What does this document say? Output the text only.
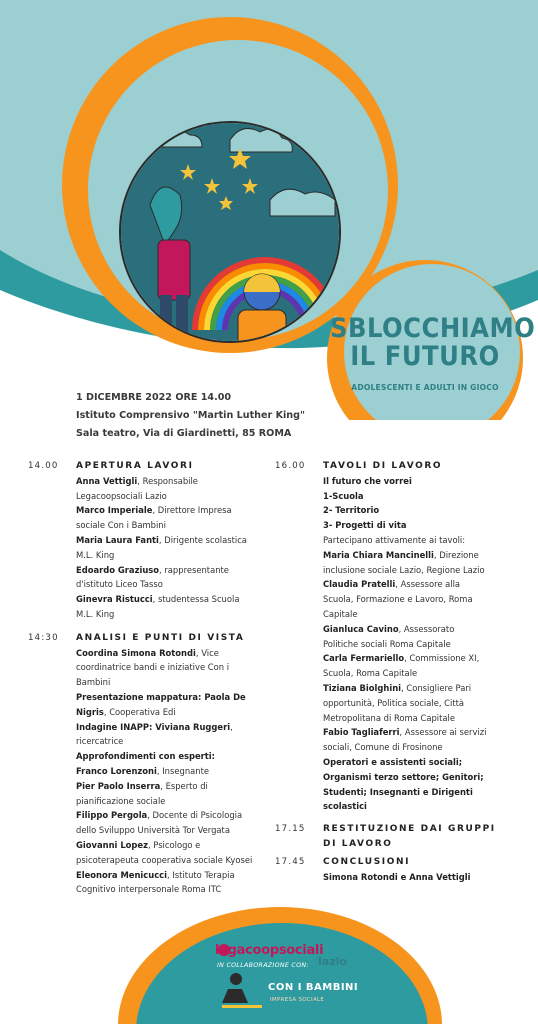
SBLOCCHIAMO
IL FUTURO
ADOLESCENTI E ADULTI IN GIOCO
1 DICEMBRE 2022 ORE 14.00
Istituto Comprensivo "Martin Luther King"
Sala teatro, Via di Giardinetti, 85 ROMA
14.00 APERTURA LAVORI
Anna Vettigli, Responsabile
Legacoopsociali Lazio
Marco Imperiale, Direttore Impresa
sociale Con i Bambini
Maria Laura Fanti, Dirigente scolastica
M.L. King
Edoardo Graziuso, rappresentante
d'istituto Liceo Tasso
Ginevra Ristucci, studentessa Scuola
M.L. King
14:30 ANALISI E PUNTI DI VISTA
Coordina Simona Rotondi, Vice
coordinatrice bandi e iniziative Con i
Bambini
Presentazione mappatura: Paola De
Nigris, Cooperativa Edi
Indagine INAPP: Viviana Ruggeri,
ricercatrice
Approfondimenti con esperti:
Franco Lorenzoni, Insegnante
Pier Paolo Inserra, Esperto di
pianificazione sociale
Filippo Pergola, Docente di Psicologia
dello Sviluppo Università Tor Vergata
Giovanni Lopez, Psicologo e
psicoterapeuta cooperativa sociale Kyosei
Eleonora Menicucci, Istituto Terapia
Cognitivo interpersonale Roma ITC
16.00 TAVOLI DI LAVORO
Il futuro che vorrei
1-Scuola
2- Territorio
3- Progetti di vita
Partecipano attivamente ai tavoli:
Maria Chiara Mancinelli, Direzione
inclusione sociale Lazio, Regione Lazio
Claudia Pratelli, Assessore alla
Scuola, Formazione e Lavoro, Roma
Capitale
Gianluca Cavino, Assessorato
Politiche sociali Roma Capitale
Carla Fermariello, Commissione XI,
Scuola, Roma Capitale
Tiziana Biolghini, Consigliere Pari
opportunità, Politica sociale, Città
Metropolitana di Roma Capitale
Fabio Tagliaferri, Assessore ai servizi
sociali, Comune di Frosinone
Operatori e assistenti sociali;
Organismi terzo settore; Genitori;
Studenti; Insegnanti e Dirigenti
scolastici
17.15 RESTITUZIONE DAI GRUPPI
DI LAVORO
17.45 CONCLUSIONI
Simona Rotondi e Anna Vettigli
legacoopsociali
lazio
IN COLLABORAZIONE CON:
CON I BAMBINI
IMPRESA SOCIALE
